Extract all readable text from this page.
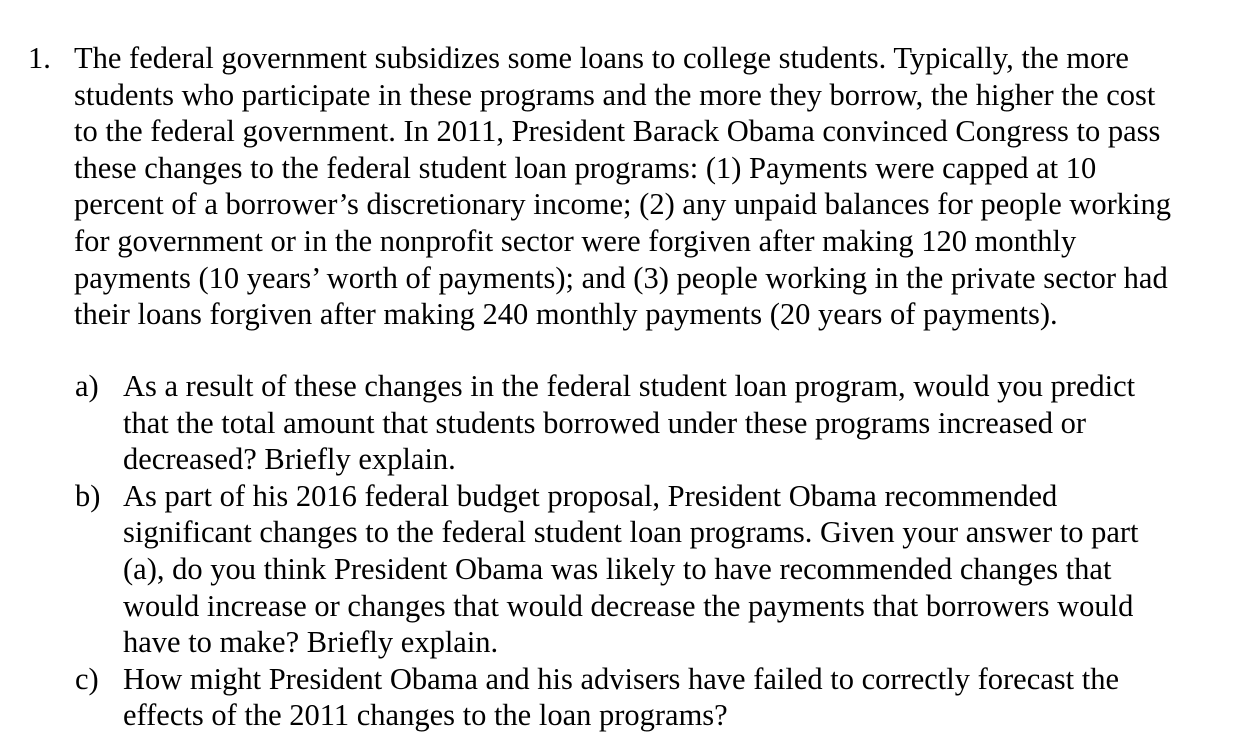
1. The federal government subsidizes some loans to college students. Typically, the more
students who participate in these programs and the more they borrow, the higher the cost
to the federal government. In 2011, President Barack Obama convinced Congress to pass
these changes to the federal student loan programs: (1) Payments were capped at 10
percent of a borrower’s discretionary income; (2) any unpaid balances for people working
for government or in the nonprofit sector were forgiven after making 120 monthly
payments (10 years’ worth of payments); and (3) people working in the private sector had
their loans forgiven after making 240 monthly payments (20 years of payments).
a) As a result of these changes in the federal student loan program, would you predict
that the total amount that students borrowed under these programs increased or
decreased? Briefly explain.
b) As part of his 2016 federal budget proposal, President Obama recommended
significant changes to the federal student loan programs. Given your answer to part
(a), do you think President Obama was likely to have recommended changes that
would increase or changes that would decrease the payments that borrowers would
have to make? Briefly explain.
c) How might President Obama and his advisers have failed to correctly forecast the
effects of the 2011 changes to the loan programs?
